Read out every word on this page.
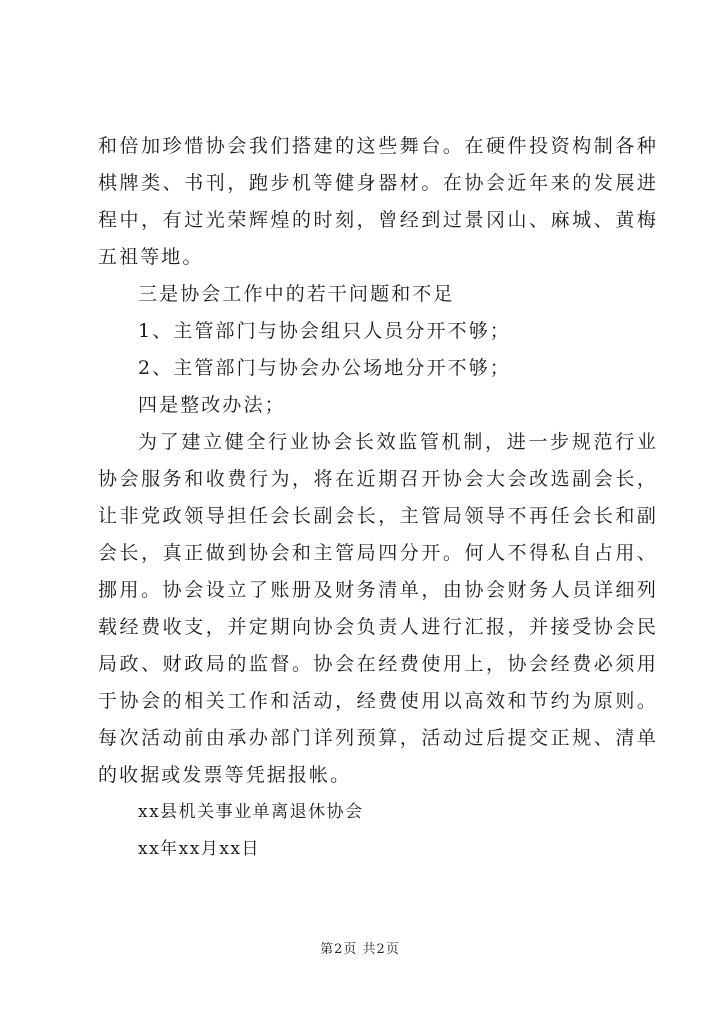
和倍加珍惜协会我们搭建的这些舞台。在硬件投资构制各种棋牌类、书刊，跑步机等健身器材。在协会近年来的发展进程中，有过光荣辉煌的时刻，曾经到过景冈山、麻城、黄梅五祖等地。

三是协会工作中的若干问题和不足

1、主管部门与协会组只人员分开不够；

2、主管部门与协会办公场地分开不够；

四是整改办法；

为了建立健全行业协会长效监管机制，进一步规范行业协会服务和收费行为，将在近期召开协会大会改选副会长，让非党政领导担任会长副会长，主管局领导不再任会长和副会长，真正做到协会和主管局四分开。何人不得私自占用、挪用。协会设立了账册及财务清单，由协会财务人员详细列载经费收支，并定期向协会负责人进行汇报，并接受协会民局政、财政局的监督。协会在经费使用上，协会经费必须用于协会的相关工作和活动，经费使用以高效和节约为原则。每次活动前由承办部门详列预算，活动过后提交正规、清单的收据或发票等凭据报帐。

xx县机关事业单离退休协会

xx年xx月xx日

第2页 共2页
